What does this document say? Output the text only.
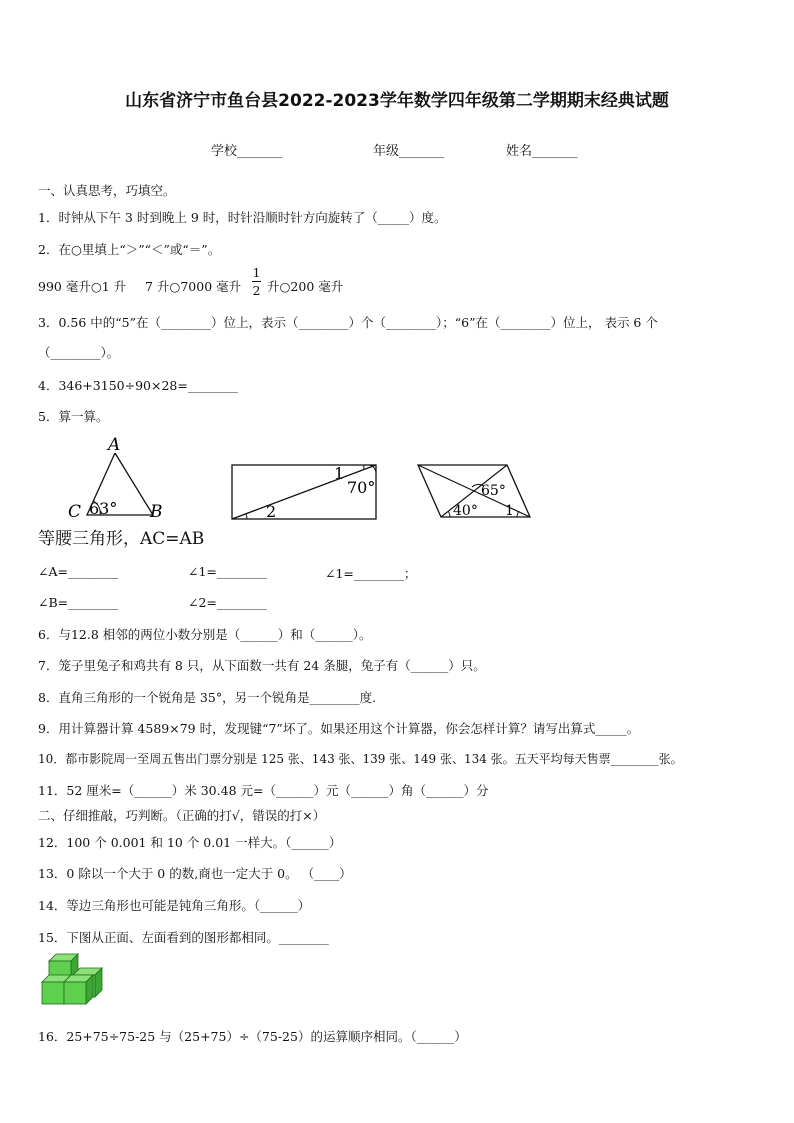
山东省济宁市鱼台县2022-2023学年数学四年级第二学期期末经典试题
学校_______	年级_______	姓名_______
一、认真思考，巧填空。
1．时钟从下午 3 时到晚上 9 时，时针沿顺时针方向旋转了（_____）度。
2．在○里填上“＞”“＜”或“＝”。
990 毫升○1 升 7 升○7000 毫升
1
2 升○200 毫升
3．0.56 中的“5”在（________）位上，表示（________）个（________）；“6”在（________）位上， 表示 6 个
（________）。
4．346+3150÷90×28=________
5．算一算。
A
C	B
63°
1
70°
2
65°
40° 1
等腰三角形，AC=AB
∠A=________	∠1=________	∠1=________；
∠B=________	∠2=________
6．与12.8 相邻的两位小数分别是（______）和（______）。
7．笼子里兔子和鸡共有 8 只，从下面数一共有 24 条腿，兔子有（______）只。
8．直角三角形的一个锐角是 35°，另一个锐角是________度.
9．用计算器计算 4589×79 时，发现键“7”坏了。如果还用这个计算器，你会怎样计算？请写出算式_____。
10．都市影院周一至周五售出门票分别是 125 张、143 张、139 张、149 张、134 张。五天平均每天售票________张。
11．52 厘米=（______）米 30.48 元=（______）元（______）角（______）分
二、仔细推敲，巧判断。（正确的打√，错误的打×）
12．100 个 0.001 和 10 个 0.01 一样大。（______）
13．0 除以一个大于 0 的数,商也一定大于 0。 （____）
14．等边三角形也可能是钝角三角形。（______）
15．下图从正面、左面看到的图形都相同。________
16．25+75÷75-25 与（25+75）÷（75-25）的运算顺序相同。（______）
